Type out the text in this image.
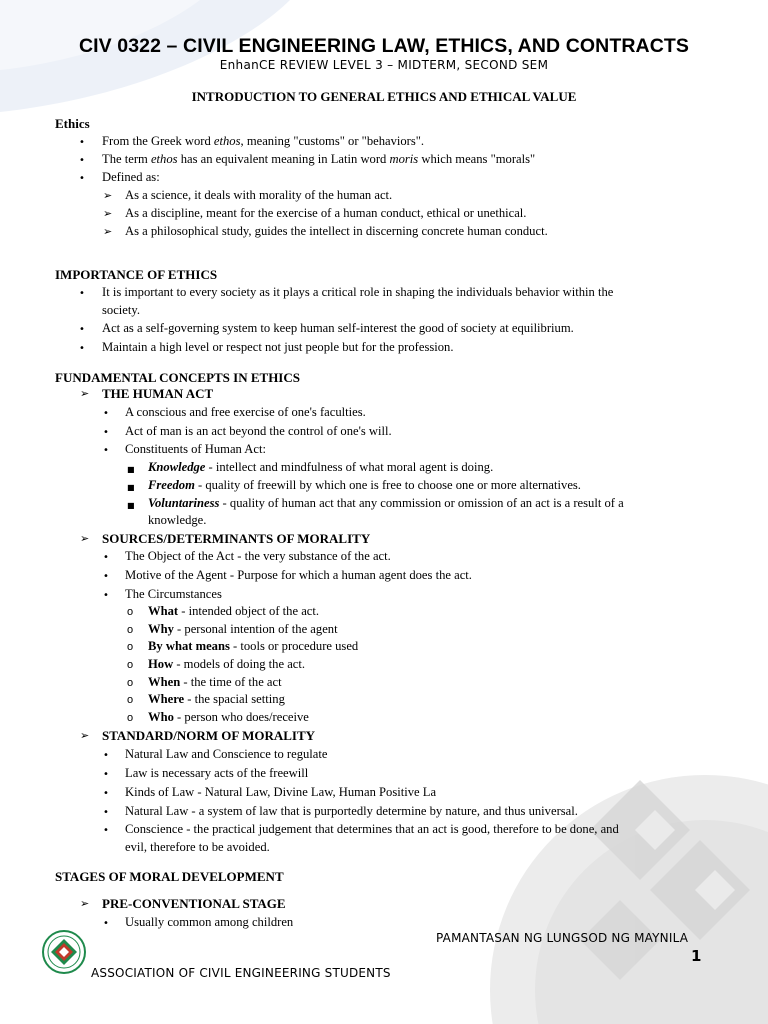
CIV 0322 – CIVIL ENGINEERING LAW, ETHICS, AND CONTRACTS
EnhanCE REVIEW LEVEL 3 – MIDTERM, SECOND SEM
INTRODUCTION TO GENERAL ETHICS AND ETHICAL VALUE
Ethics
• From the Greek word ethos, meaning "customs" or "behaviors".
• The term ethos has an equivalent meaning in Latin word moris which means "morals"
• Defined as:
➢ As a science, it deals with morality of the human act.
➢ As a discipline, meant for the exercise of a human conduct, ethical or unethical.
➢ As a philosophical study, guides the intellect in discerning concrete human conduct.
IMPORTANCE OF ETHICS
• It is important to every society as it plays a critical role in shaping the individuals behavior within the
society.
• Act as a self-governing system to keep human self-interest the good of society at equilibrium.
• Maintain a high level or respect not just people but for the profession.
FUNDAMENTAL CONCEPTS IN ETHICS
➢ THE HUMAN ACT
• A conscious and free exercise of one's faculties.
• Act of man is an act beyond the control of one's will.
• Constituents of Human Act:
■ Knowledge - intellect and mindfulness of what moral agent is doing.
■ Freedom - quality of freewill by which one is free to choose one or more alternatives.
■ Voluntariness - quality of human act that any commission or omission of an act is a result of a
knowledge.
➢ SOURCES/DETERMINANTS OF MORALITY
• The Object of the Act - the very substance of the act.
• Motive of the Agent - Purpose for which a human agent does the act.
• The Circumstances
o What - intended object of the act.
o Why - personal intention of the agent
o By what means - tools or procedure used
o How - models of doing the act.
o When - the time of the act
o Where - the spacial setting
o Who - person who does/receive
➢ STANDARD/NORM OF MORALITY
• Natural Law and Conscience to regulate
• Law is necessary acts of the freewill
• Kinds of Law - Natural Law, Divine Law, Human Positive La
• Natural Law - a system of law that is purportedly determine by nature, and thus universal.
• Conscience - the practical judgement that determines that an act is good, therefore to be done, and
evil, therefore to be avoided.
STAGES OF MORAL DEVELOPMENT
➢ PRE-CONVENTIONAL STAGE
• Usually common among children
PAMANTASAN NG LUNGSOD NG MAYNILA
1
ASSOCIATION OF CIVIL ENGINEERING STUDENTS
